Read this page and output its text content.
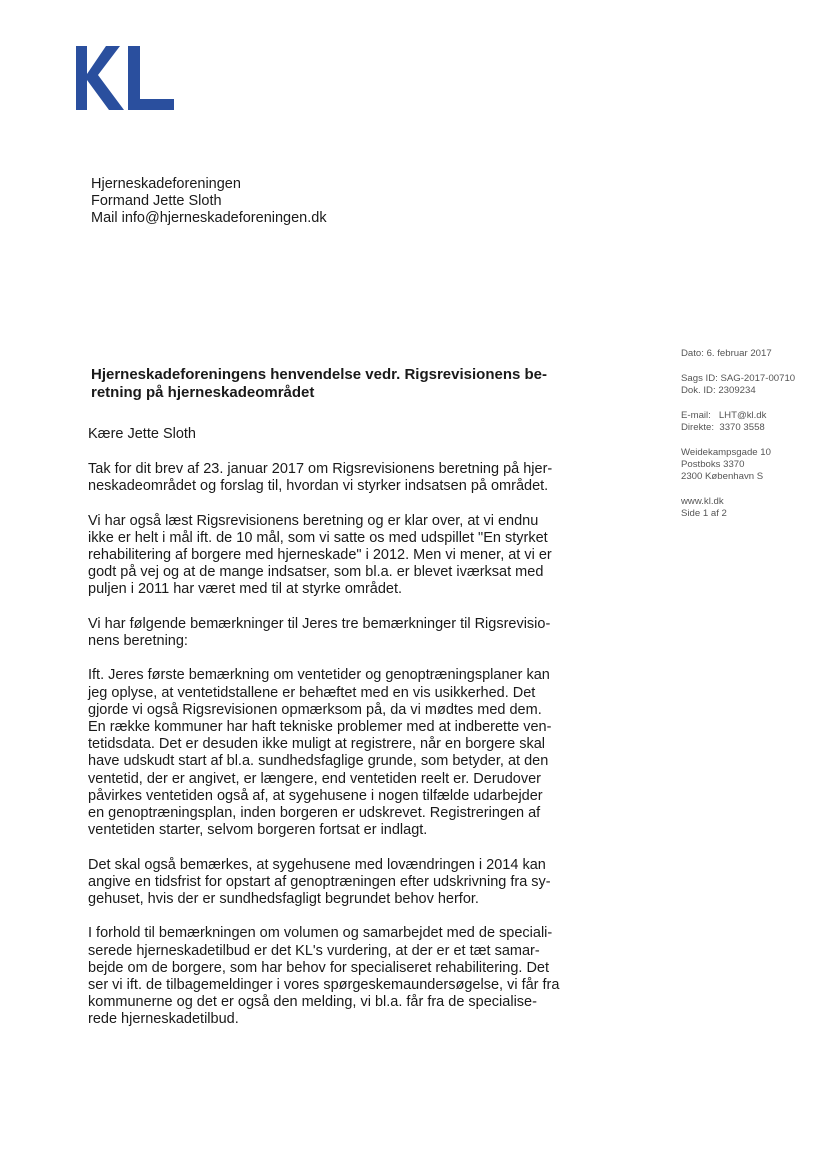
Hjerneskadeforeningen
Formand Jette Sloth
Mail info@hjerneskadeforeningen.dk
Dato: 6. februar 2017
Sags ID: SAG-2017-00710
Dok. ID: 2309234
E-mail:   LHT@kl.dk
Direkte:  3370 3558
Weidekampsgade 10
Postboks 3370
2300 København S
www.kl.dk
Side 1 af 2
Hjerneskadeforeningens henvendelse vedr. Rigsrevisionens be-
retning på hjerneskadeområdet

Kære Jette Sloth

Tak for dit brev af 23. januar 2017 om Rigsrevisionens beretning på hjer-
neskadeområdet og forslag til, hvordan vi styrker indsatsen på området.

Vi har også læst Rigsrevisionens beretning og er klar over, at vi endnu
ikke er helt i mål ift. de 10 mål, som vi satte os med udspillet "En styrket
rehabilitering af borgere med hjerneskade" i 2012. Men vi mener, at vi er
godt på vej og at de mange indsatser, som bl.a. er blevet iværksat med
puljen i 2011 har været med til at styrke området.

Vi har følgende bemærkninger til Jeres tre bemærkninger til Rigsrevisio-
nens beretning:

Ift. Jeres første bemærkning om ventetider og genoptræningsplaner kan
jeg oplyse, at ventetidstallene er behæftet med en vis usikkerhed. Det
gjorde vi også Rigsrevisionen opmærksom på, da vi mødtes med dem.
En række kommuner har haft tekniske problemer med at indberette ven-
tetidsdata. Det er desuden ikke muligt at registrere, når en borgere skal
have udskudt start af bl.a. sundhedsfaglige grunde, som betyder, at den
ventetid, der er angivet, er længere, end ventetiden reelt er. Derudover
påvirkes ventetiden også af, at sygehusene i nogen tilfælde udarbejder
en genoptræningsplan, inden borgeren er udskrevet. Registreringen af
ventetiden starter, selvom borgeren fortsat er indlagt.

Det skal også bemærkes, at sygehusene med lovændringen i 2014 kan
angive en tidsfrist for opstart af genoptræningen efter udskrivning fra sy-
gehuset, hvis der er sundhedsfagligt begrundet behov herfor.

I forhold til bemærkningen om volumen og samarbejdet med de speciali-
serede hjerneskadetilbud er det KL's vurdering, at der er et tæt samar-
bejde om de borgere, som har behov for specialiseret rehabilitering. Det
ser vi ift. de tilbagemeldinger i vores spørgeskemaundersøgelse, vi får fra
kommunerne og det er også den melding, vi bl.a. får fra de specialise-
rede hjerneskadetilbud.
